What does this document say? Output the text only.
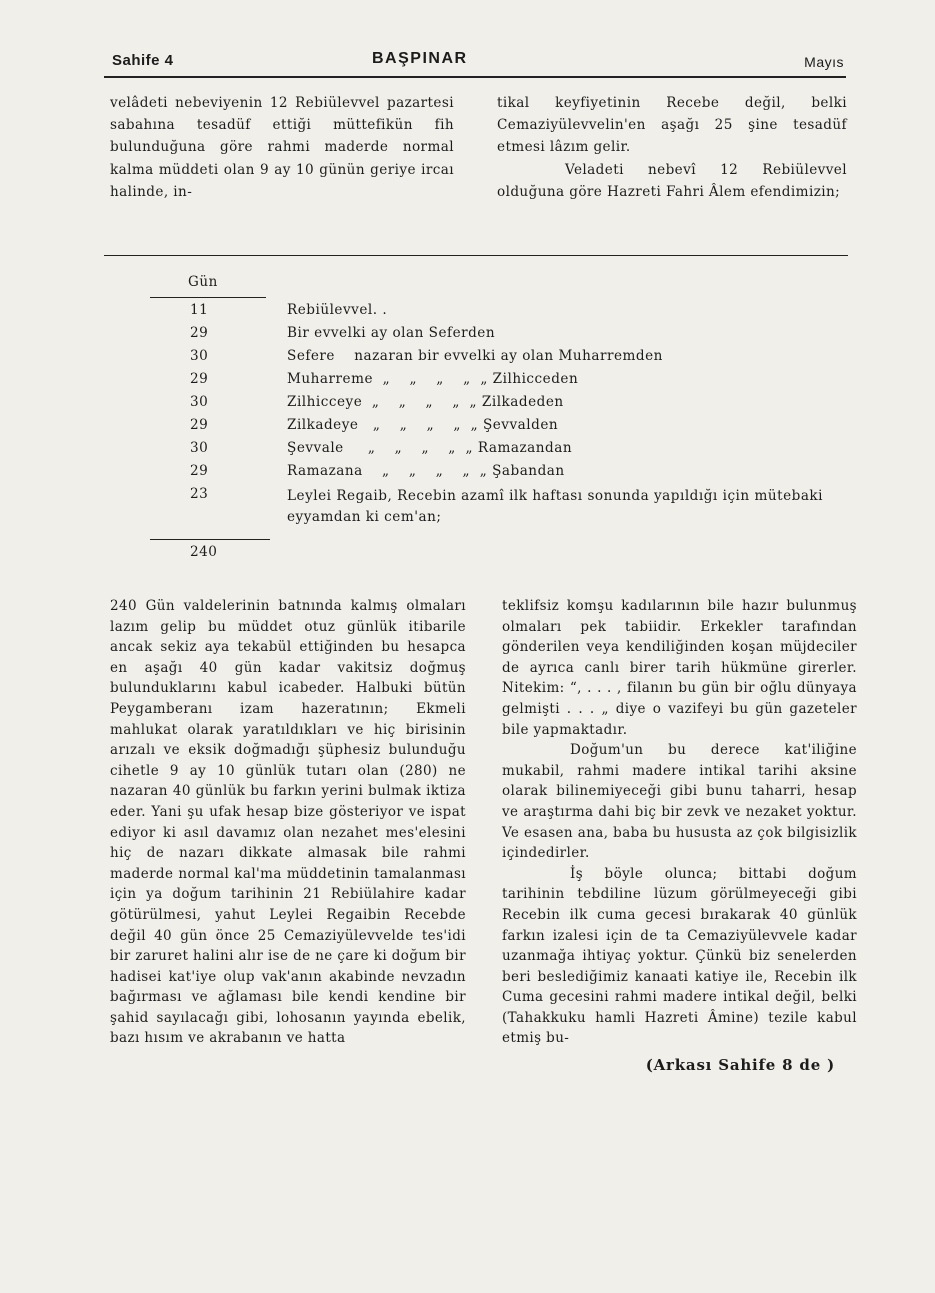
Sahife 4	BAŞPINAR	Mayıs

velâdeti nebeviyenin 12 Rebiülevvel pazartesi sabahına tesadüf ettiği müttefikün fih bulunduğuna göre rahmi maderde normal kalma müddeti olan 9 ay 10 günün geriye ircaı halinde, in-

tikal keyfiyetinin Recebe değil, belki Cemaziyülevvelin'en aşağı 25 şine tesadüf etmesi lâzım gelir.

Veladeti nebevî 12 Rebiülevvel olduğuna göre Hazreti Fahri Âlem efendimizin;

Gün
11	Rebiülevvel. .
29	Bir evvelki ay olan Seferden
30	Sefere    nazaran bir evvelki ay olan Muharremden
29	Muharreme  „    „    „    „  „ Zilhicceden
30	Zilhicceye  „    „    „    „  „ Zilkadeden
29	Zilkadeye   „    „    „    „  „ Şevvalden
30	Şevvale     „    „    „    „  „ Ramazandan
29	Ramazana    „    „    „    „  „ Şabandan
23	Leylei Regaib, Recebin azamî ilk haftası sonunda yapıldığı için mütebaki eyyamdan ki cem'an;
240

240 Gün valdelerinin batnında kalmış olmaları lazım gelip bu müddet otuz günlük itibarile ancak sekiz aya tekabül ettiğinden bu hesapca en aşağı 40 gün kadar vakitsiz doğmuş bulunduklarını kabul icabeder. Halbuki bütün Peygamberanı izam hazeratının; Ekmeli mahlukat olarak yaratıldıkları ve hiç birisinin arızalı ve eksik doğmadığı şüphesiz bulunduğu cihetle 9 ay 10 günlük tutarı olan (280) ne nazaran 40 günlük bu farkın yerini bulmak iktiza eder. Yani şu ufak hesap bize gösteriyor ve ispat ediyor ki asıl davamız olan nezahet mes'elesini hiç de nazarı dikkate almasak bile rahmi maderde normal kal'ma müddetinin tamalanması için ya doğum tarihinin 21 Rebiülahire kadar götürülmesi, yahut Leylei Regaibin Recebde değil 40 gün önce 25 Cemaziyülevvelde tes'idi bir zaruret halini alır ise de ne çare ki doğum bir hadisei kat'iye olup vak'anın akabinde nevzadın bağırması ve ağlaması bile kendi kendine bir şahid sayılacağı gibi, lohosanın yayında ebelik, bazı hısım ve akrabanın ve hatta

teklifsiz komşu kadılarının bile hazır bulunmuş olmaları pek tabiidir. Erkekler tarafından gönderilen veya kendiliğinden koşan müjdeciler de ayrıca canlı birer tarih hükmüne girerler. Nitekim: “, . . . , filanın bu gün bir oğlu dünyaya gelmişti . . . „ diye o vazifeyi bu gün gazeteler bile yapmaktadır.

Doğum'un bu derece kat'iliğine mukabil, rahmi madere intikal tarihi aksine olarak bilinemiyeceği gibi bunu taharri, hesap ve araştırma dahi biç bir zevk ve nezaket yoktur. Ve esasen ana, baba bu hususta az çok bilgisizlik içindedirler.

İş böyle olunca; bittabi doğum tarihinin tebdiline lüzum görülmeyeceği gibi Recebin ilk cuma gecesi bırakarak 40 günlük farkın izalesi için de ta Cemaziyülevvele kadar uzanmağa ihtiyaç yoktur. Çünkü biz senelerden beri beslediğimiz kanaati katiye ile, Recebin ilk Cuma gecesini rahmi madere intikal değil, belki (Tahakkuku hamli Hazreti Âmine) tezile kabul etmiş bu-

(Arkası Sahife 8 de )
